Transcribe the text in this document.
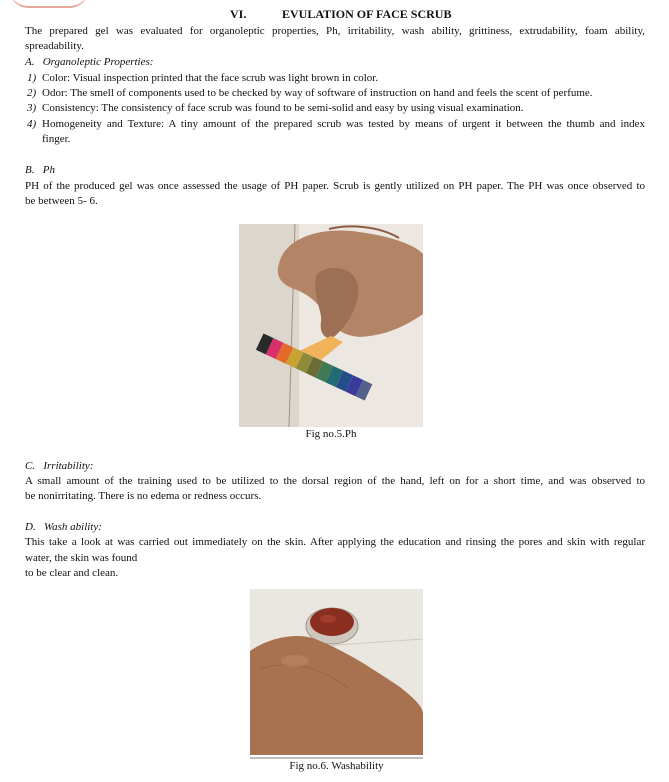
VI.	EVULATION OF FACE SCRUB
The prepared gel was evaluated for organoleptic properties, Ph, irritability, wash ability, grittiness, extrudability, foam ability,
spreadability.
A. Organoleptic Properties:
1) Color: Visual inspection printed that the face scrub was light brown in color.
2) Odor: The smell of components used to be checked by way of software of instruction on hand and feels the scent of perfume.
3) Consistency: The consistency of face scrub was found to be semi-solid and easy by using visual examination.
4) Homogeneity and Texture: A tiny amount of the prepared scrub was tested by means of urgent it between the thumb and index
finger.
B. Ph
PH of the produced gel was once assessed the usage of PH paper. Scrub is gently utilized on PH paper. The PH was once observed to
be between 5- 6.
Fig no.5.Ph
C. Irritability:
A small amount of the training used to be utilized to the dorsal region of the hand, left on for a short time, and was observed to
be nonirritating. There is no edema or redness occurs.
D. Wash ability:
This take a look at was carried out immediately on the skin. After applying the education and rinsing the pores and skin with regular
water, the skin was found
to be clear and clean.
Fig no.6. Washability
